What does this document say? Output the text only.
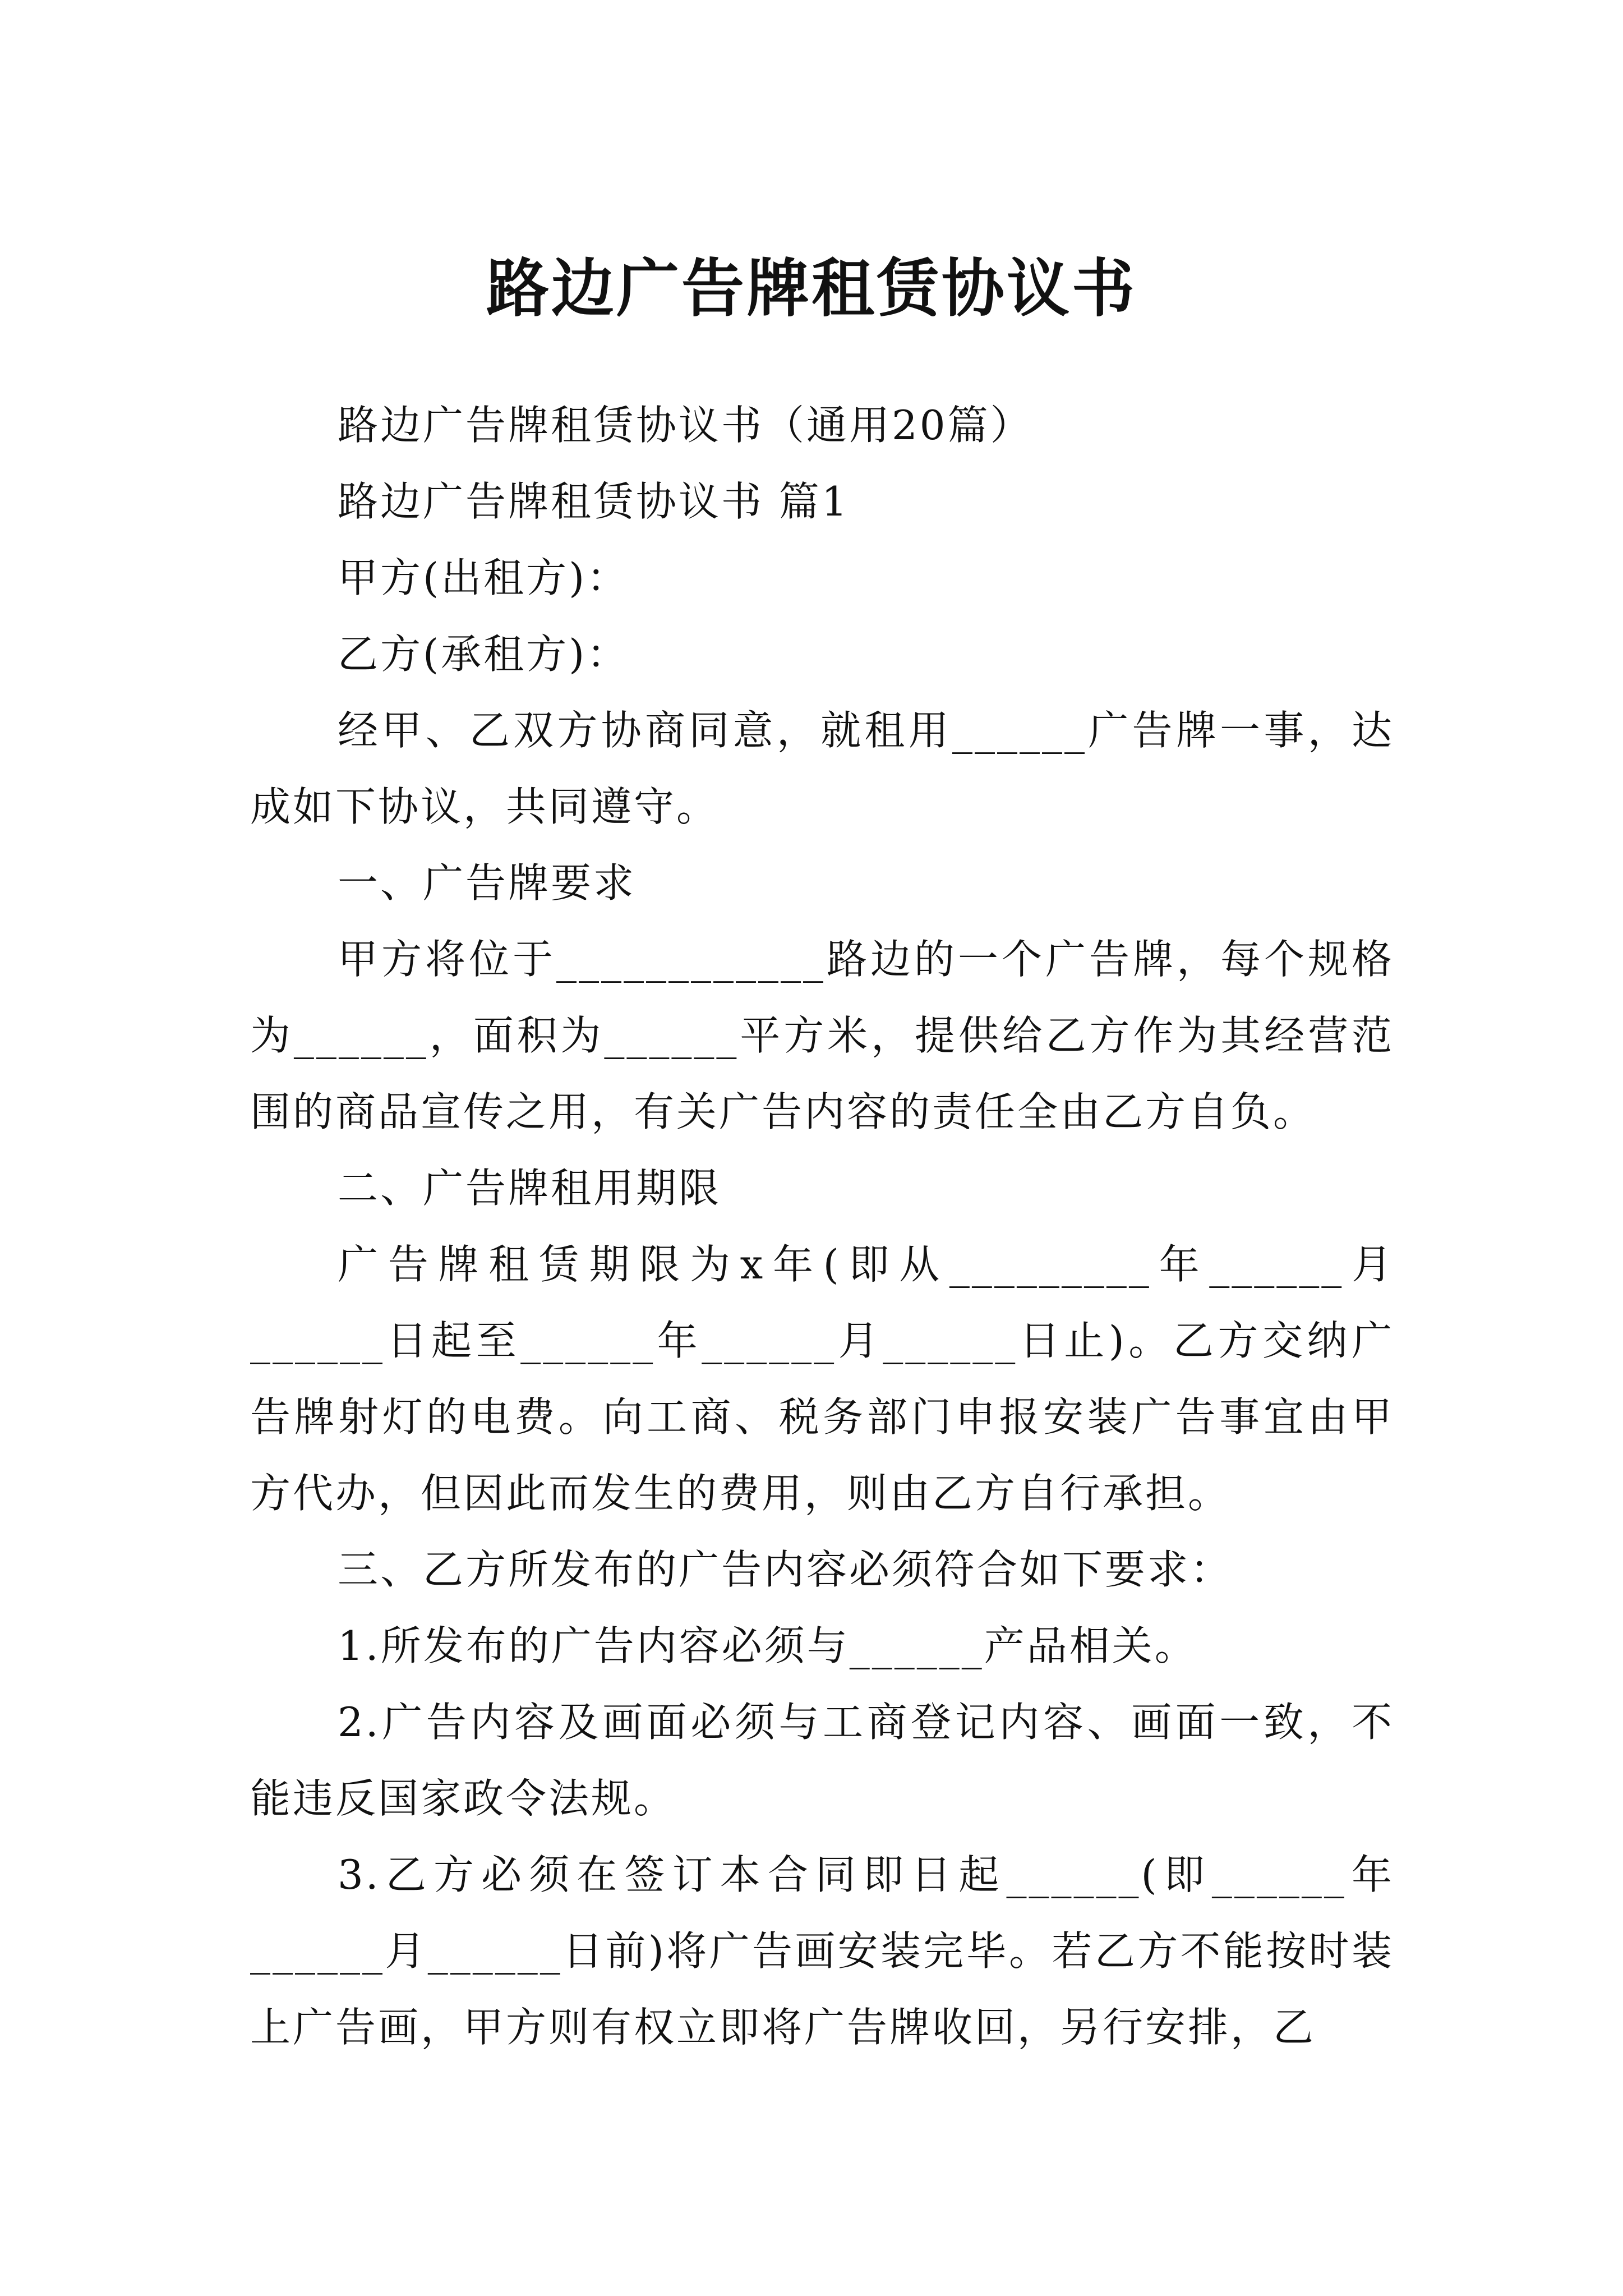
路边广告牌租赁协议书

路边广告牌租赁协议书（通用20篇）

路边广告牌租赁协议书 篇1

甲方(出租方)：

乙方(承租方)：

经甲、乙双方协商同意，就租用______广告牌一事，达成如下协议，共同遵守。

一、广告牌要求

甲方将位于____________路边的一个广告牌，每个规格为______，面积为______平方米，提供给乙方作为其经营范围的商品宣传之用，有关广告内容的责任全由乙方自负。

二、广告牌租用期限

广告牌租赁期限为x年(即从_________年______月______日起至______年______月______日止)。乙方交纳广告牌射灯的电费。向工商、税务部门申报安装广告事宜由甲方代办，但因此而发生的费用，则由乙方自行承担。

三、乙方所发布的广告内容必须符合如下要求：

1.所发布的广告内容必须与______产品相关。

2.广告内容及画面必须与工商登记内容、画面一致，不能违反国家政令法规。

3.乙方必须在签订本合同即日起______(即______年______月______日前)将广告画安装完毕。若乙方不能按时装上广告画，甲方则有权立即将广告牌收回，另行安排，乙
